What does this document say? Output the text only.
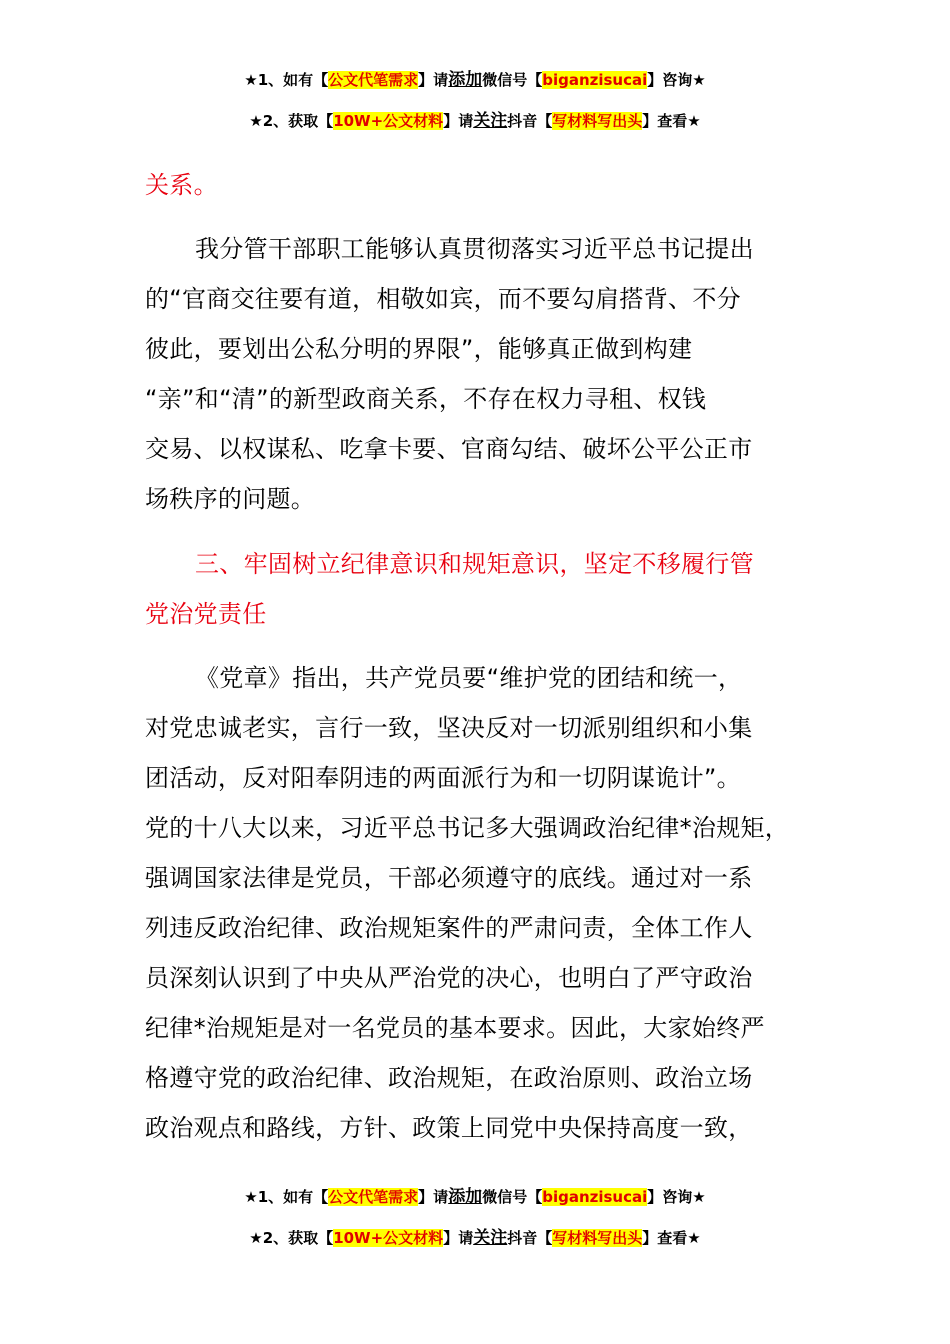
★1、如有【公文代笔需求】请添加微信号【biganzisucai】咨询★
★2、获取【10W+公文材料】请关注抖音【写材料写出头】查看★
关系。
我分管干部职工能够认真贯彻落实习近平总书记提出
的“官商交往要有道，相敬如宾，而不要勾肩搭背、不分
彼此，要划出公私分明的界限”，能够真正做到构建
“亲”和“清”的新型政商关系，不存在权力寻租、权钱
交易、以权谋私、吃拿卡要、官商勾结、破坏公平公正市
场秩序的问题。
三、牢固树立纪律意识和规矩意识，坚定不移履行管
党治党责任
《党章》指出，共产党员要“维护党的团结和统一，
对党忠诚老实，言行一致，坚决反对一切派别组织和小集
团活动，反对阳奉阴违的两面派行为和一切阴谋诡计”。
党的十八大以来，习近平总书记多大强调政治纪律*治规矩，
强调国家法律是党员，干部必须遵守的底线。通过对一系
列违反政治纪律、政治规矩案件的严肃问责，全体工作人
员深刻认识到了中央从严治党的决心，也明白了严守政治
纪律*治规矩是对一名党员的基本要求。因此，大家始终严
格遵守党的政治纪律、政治规矩，在政治原则、政治立场
政治观点和路线，方针、政策上同党中央保持高度一致，
★1、如有【公文代笔需求】请添加微信号【biganzisucai】咨询★
★2、获取【10W+公文材料】请关注抖音【写材料写出头】查看★
